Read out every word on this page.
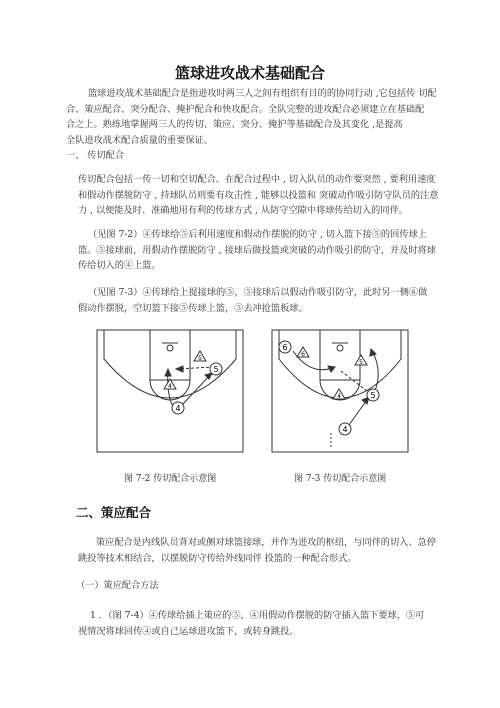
篮球进攻战术基础配合
篮球进攻战术基础配合是指进攻时两三人之间有组织有目的的协同行动 ,它包括传 切配
合、策应配合、突分配合、掩护配合和快攻配合。全队完整的进攻配合必须建立在基础配
合之上。熟练地掌握两三人的传切、策应、突分、掩护等基础配合及其变化 ,是提高
全队进攻战术配合质量的重要保证。
一、 传切配合
传切配合包括一传一切和空切配合。在配合过程中 , 切入队员的动作要突然 , 要利用速度
和假动作摆脱防守 , 持球队员则要有攻击性 , 能够以投篮和 突破动作吸引防守队员的注意
力 , 以便能及时、准确地用有利的传球方式 , 从防守空隙中将球传给切入的同伴。
（见图 7-2）④传球给⑤后利用速度和假动作摆脱的防守 , 切入篮下接⑤的回传球上
篮。⑤接球前，用假动作摆脱防守 , 接球后做投篮或突破的动作吸引的防守，并及时将球
传给切入的④上篮。
（见图 7-3）④传球给上提接球的⑤，⑤接球后以假动作吸引防守，此时另一侧⑥做
假动作摆脱，空切篮下接⑤传球上篮，⑤去冲抢篮板球。
5
4
4
5
6
5
4
6
5
4
图 7-2 传切配合示意图	图 7-3 传切配合示意图
二、策应配合
策应配合是内线队员背对或侧对球篮接球，并作为进攻的枢纽，与同伴的切入、急停
跳投等技术相结合，以摆脱防守传给外线同伴 投篮的一种配合形式。
（一）策应配合方法
1 ．（图 7-4）④传球给插上策应的⑤，④用假动作摆脱的防守插入篮下要球，⑤可
视情况将球回传④或自己运球进攻篮下，或转身跳投。
